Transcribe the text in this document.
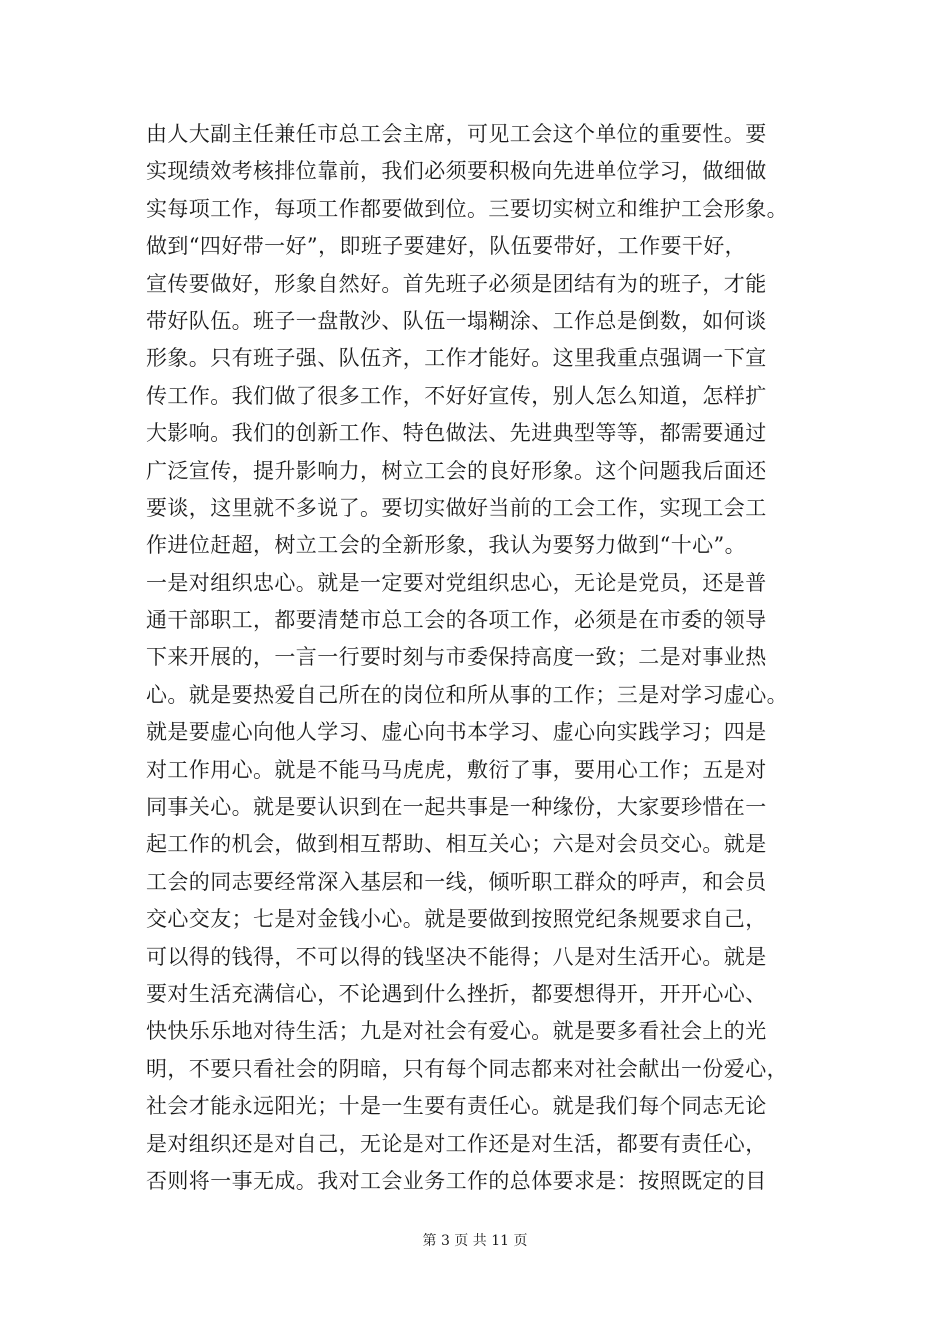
由人大副主任兼任市总工会主席，可见工会这个单位的重要性。要
实现绩效考核排位靠前，我们必须要积极向先进单位学习，做细做
实每项工作，每项工作都要做到位。三要切实树立和维护工会形象。
做到“四好带一好”，即班子要建好，队伍要带好，工作要干好，
宣传要做好，形象自然好。首先班子必须是团结有为的班子，才能
带好队伍。班子一盘散沙、队伍一塌糊涂、工作总是倒数，如何谈
形象。只有班子强、队伍齐，工作才能好。这里我重点强调一下宣
传工作。我们做了很多工作，不好好宣传，别人怎么知道，怎样扩
大影响。我们的创新工作、特色做法、先进典型等等，都需要通过
广泛宣传，提升影响力，树立工会的良好形象。这个问题我后面还
要谈，这里就不多说了。要切实做好当前的工会工作，实现工会工
作进位赶超，树立工会的全新形象，我认为要努力做到“十心”。
一是对组织忠心。就是一定要对党组织忠心，无论是党员，还是普
通干部职工，都要清楚市总工会的各项工作，必须是在市委的领导
下来开展的，一言一行要时刻与市委保持高度一致；二是对事业热
心。就是要热爱自己所在的岗位和所从事的工作；三是对学习虚心。
就是要虚心向他人学习、虚心向书本学习、虚心向实践学习；四是
对工作用心。就是不能马马虎虎，敷衍了事，要用心工作；五是对
同事关心。就是要认识到在一起共事是一种缘份，大家要珍惜在一
起工作的机会，做到相互帮助、相互关心；六是对会员交心。就是
工会的同志要经常深入基层和一线，倾听职工群众的呼声，和会员
交心交友；七是对金钱小心。就是要做到按照党纪条规要求自己，
可以得的钱得，不可以得的钱坚决不能得；八是对生活开心。就是
要对生活充满信心，不论遇到什么挫折，都要想得开，开开心心、
快快乐乐地对待生活；九是对社会有爱心。就是要多看社会上的光
明，不要只看社会的阴暗，只有每个同志都来对社会献出一份爱心，
社会才能永远阳光；十是一生要有责任心。就是我们每个同志无论
是对组织还是对自己，无论是对工作还是对生活，都要有责任心，
否则将一事无成。我对工会业务工作的总体要求是：按照既定的目
第 3 页 共 11 页
